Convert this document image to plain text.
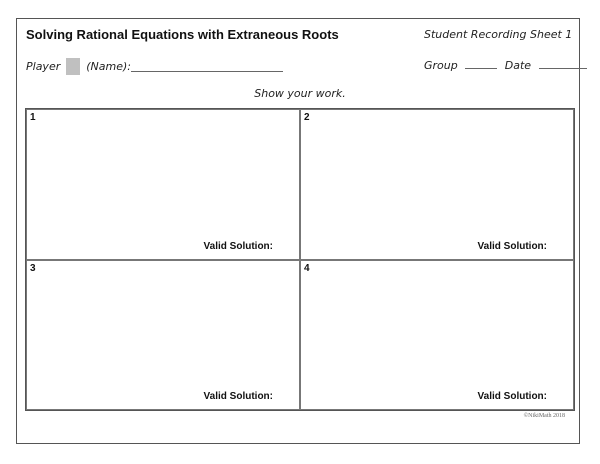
Solving Rational Equations with Extraneous Roots	Student Recording Sheet 1
Player (Name):	Group	Date
Show your work.
1
Valid Solution:
2
Valid Solution:
3
Valid Solution:
4
Valid Solution:
©NikiMath 2018
